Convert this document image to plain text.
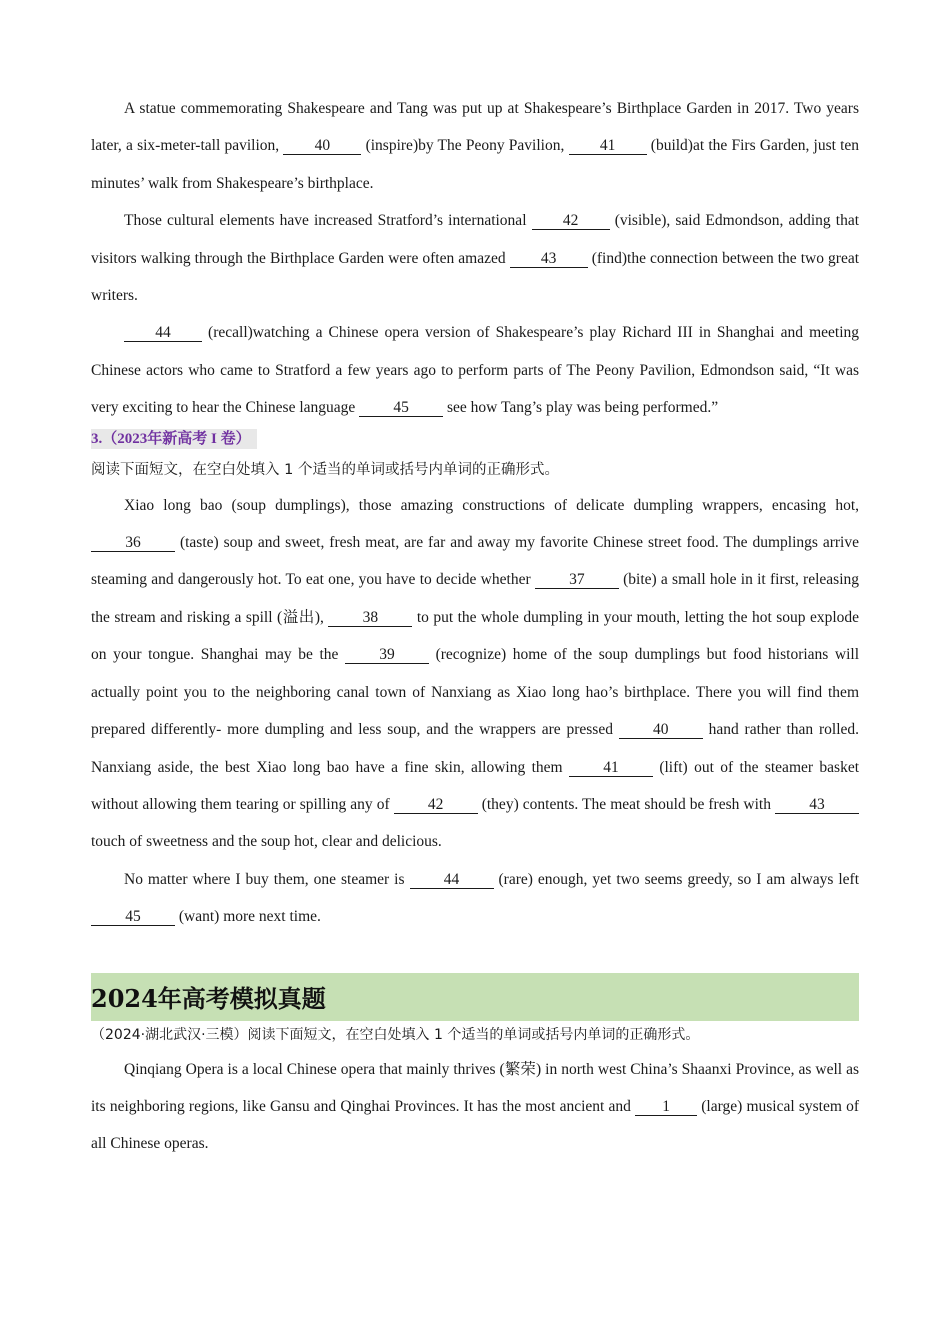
A statue commemorating Shakespeare and Tang was put up at Shakespeare’s Birthplace Garden in 2017. Two years later, a six-meter-tall pavilion, 40 (inspire)by The Peony Pavilion, 41 (build)at the Firs Garden, just ten minutes’ walk from Shakespeare’s birthplace.

Those cultural elements have increased Stratford’s international 42 (visible), said Edmondson, adding that visitors walking through the Birthplace Garden were often amazed 43 (find)the connection between the two great writers.

44 (recall)watching a Chinese opera version of Shakespeare’s play Richard III in Shanghai and meeting Chinese actors who came to Stratford a few years ago to perform parts of The Peony Pavilion, Edmondson said, “It was very exciting to hear the Chinese language 45 see how Tang’s play was being performed.”

3.（2023年新高考 I 卷）

阅读下面短文，在空白处填入 1 个适当的单词或括号内单词的正确形式。

Xiao long bao (soup dumplings), those amazing constructions of delicate dumpling wrappers, encasing hot, 36	(taste) soup and sweet, fresh meat, are far and away my favorite Chinese street food. The dumplings arrive steaming and dangerously hot. To eat one, you have to decide whether 37 (bite) a small hole in it first, releasing the stream and risking a spill (溢出), 38 to put the whole dumpling in your mouth, letting the hot soup explode on your tongue. Shanghai may be the	39	(recognize) home of the soup dumplings but food historians will actually point you to the neighboring canal town of Nanxiang as Xiao long hao’s birthplace. There you will find them prepared differently- more dumpling and less soup, and the wrappers are pressed	40	hand rather than rolled. Nanxiang aside, the best Xiao long bao have a fine skin, allowing them	41	(lift) out of the steamer basket without allowing them tearing or spilling any of 42 (they) contents. The meat should be fresh with 43 touch of sweetness and the soup hot, clear and delicious.

No matter where I buy them, one steamer is	44	(rare) enough, yet two seems greedy, so I am always left 45 (want) more next time.

2024年高考模拟真题

（2024·湖北武汉·三模）阅读下面短文，在空白处填入 1 个适当的单词或括号内单词的正确形式。

Qinqiang Opera is a local Chinese opera that mainly thrives (繁荣) in north west China’s Shaanxi Province, as well as its neighboring regions, like Gansu and Qinghai Provinces. It has the most ancient and 1 (large) musical system of all Chinese operas.
